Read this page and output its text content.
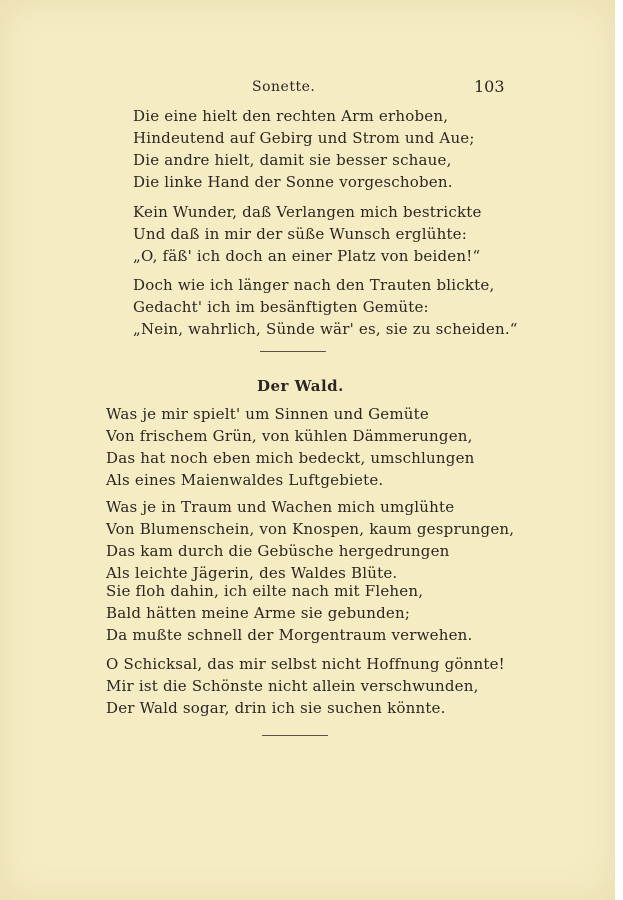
Sonette.	103
Die eine hielt den rechten Arm erhoben,
Hindeutend auf Gebirg und Strom und Aue;
Die andre hielt, damit sie besser schaue,
Die linke Hand der Sonne vorgeschoben.
Kein Wunder, daß Verlangen mich bestrickte
Und daß in mir der süße Wunsch erglühte:
„O, fäß' ich doch an einer Platz von beiden!“
Doch wie ich länger nach den Trauten blickte,
Gedacht' ich im besänftigten Gemüte:
„Nein, wahrlich, Sünde wär' es, sie zu scheiden.“
Der Wald.
Was je mir spielt' um Sinnen und Gemüte
Von frischem Grün, von kühlen Dämmerungen,
Das hat noch eben mich bedeckt, umschlungen
Als eines Maienwaldes Luftgebiete.
Was je in Traum und Wachen mich umglühte
Von Blumenschein, von Knospen, kaum gesprungen,
Das kam durch die Gebüsche hergedrungen
Als leichte Jägerin, des Waldes Blüte.
Sie floh dahin, ich eilte nach mit Flehen,
Bald hätten meine Arme sie gebunden;
Da mußte schnell der Morgentraum verwehen.
O Schicksal, das mir selbst nicht Hoffnung gönnte!
Mir ist die Schönste nicht allein verschwunden,
Der Wald sogar, drin ich sie suchen könnte.
